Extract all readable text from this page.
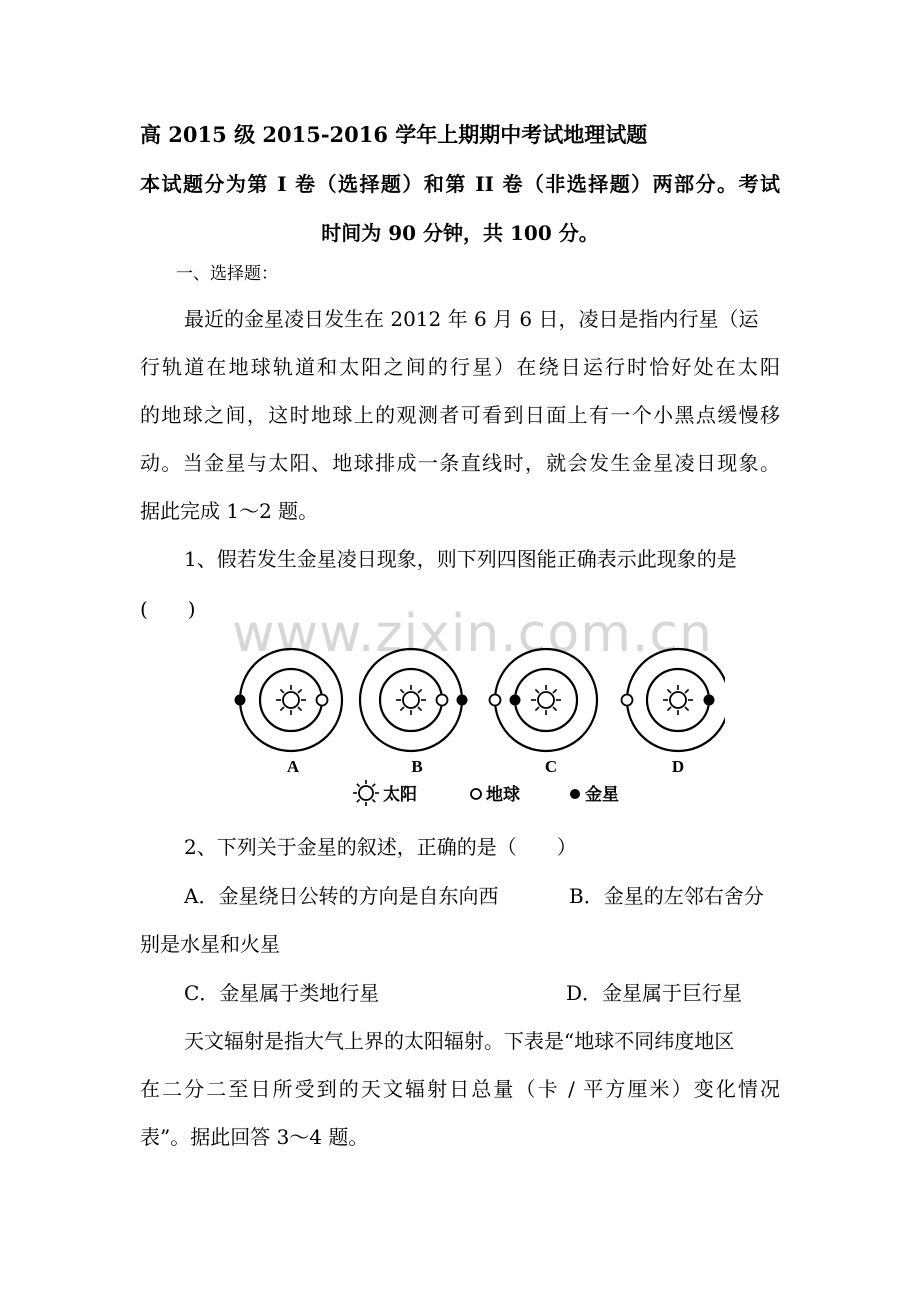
高 2015 级 2015-2016 学年上期期中考试地理试题
本试题分为第 I 卷（选择题）和第 II 卷（非选择题）两部分。考试
时间为 90 分钟，共 100 分。
一、选择题：
最近的金星凌日发生在 2012 年 6 月 6 日，凌日是指内行星（运
行轨道在地球轨道和太阳之间的行星）在绕日运行时恰好处在太阳
的地球之间，这时地球上的观测者可看到日面上有一个小黑点缓慢移
动。当金星与太阳、地球排成一条直线时，就会发生金星凌日现象。
据此完成 1～2 题。
1、假若发生金星凌日现象，则下列四图能正确表示此现象的是
(　　) www.zixin.com.cn
A	B	C	D
太阳	地球	金星
2、下列关于金星的叙述，正确的是（　　）
A．金星绕日公转的方向是自东向西	B．金星的左邻右舍分
别是水星和火星
C．金星属于类地行星	D．金星属于巨行星
天文辐射是指大气上界的太阳辐射。下表是“地球不同纬度地区
在二分二至日所受到的天文辐射日总量（卡 / 平方厘米）变化情况
表”。据此回答 3～4 题。
